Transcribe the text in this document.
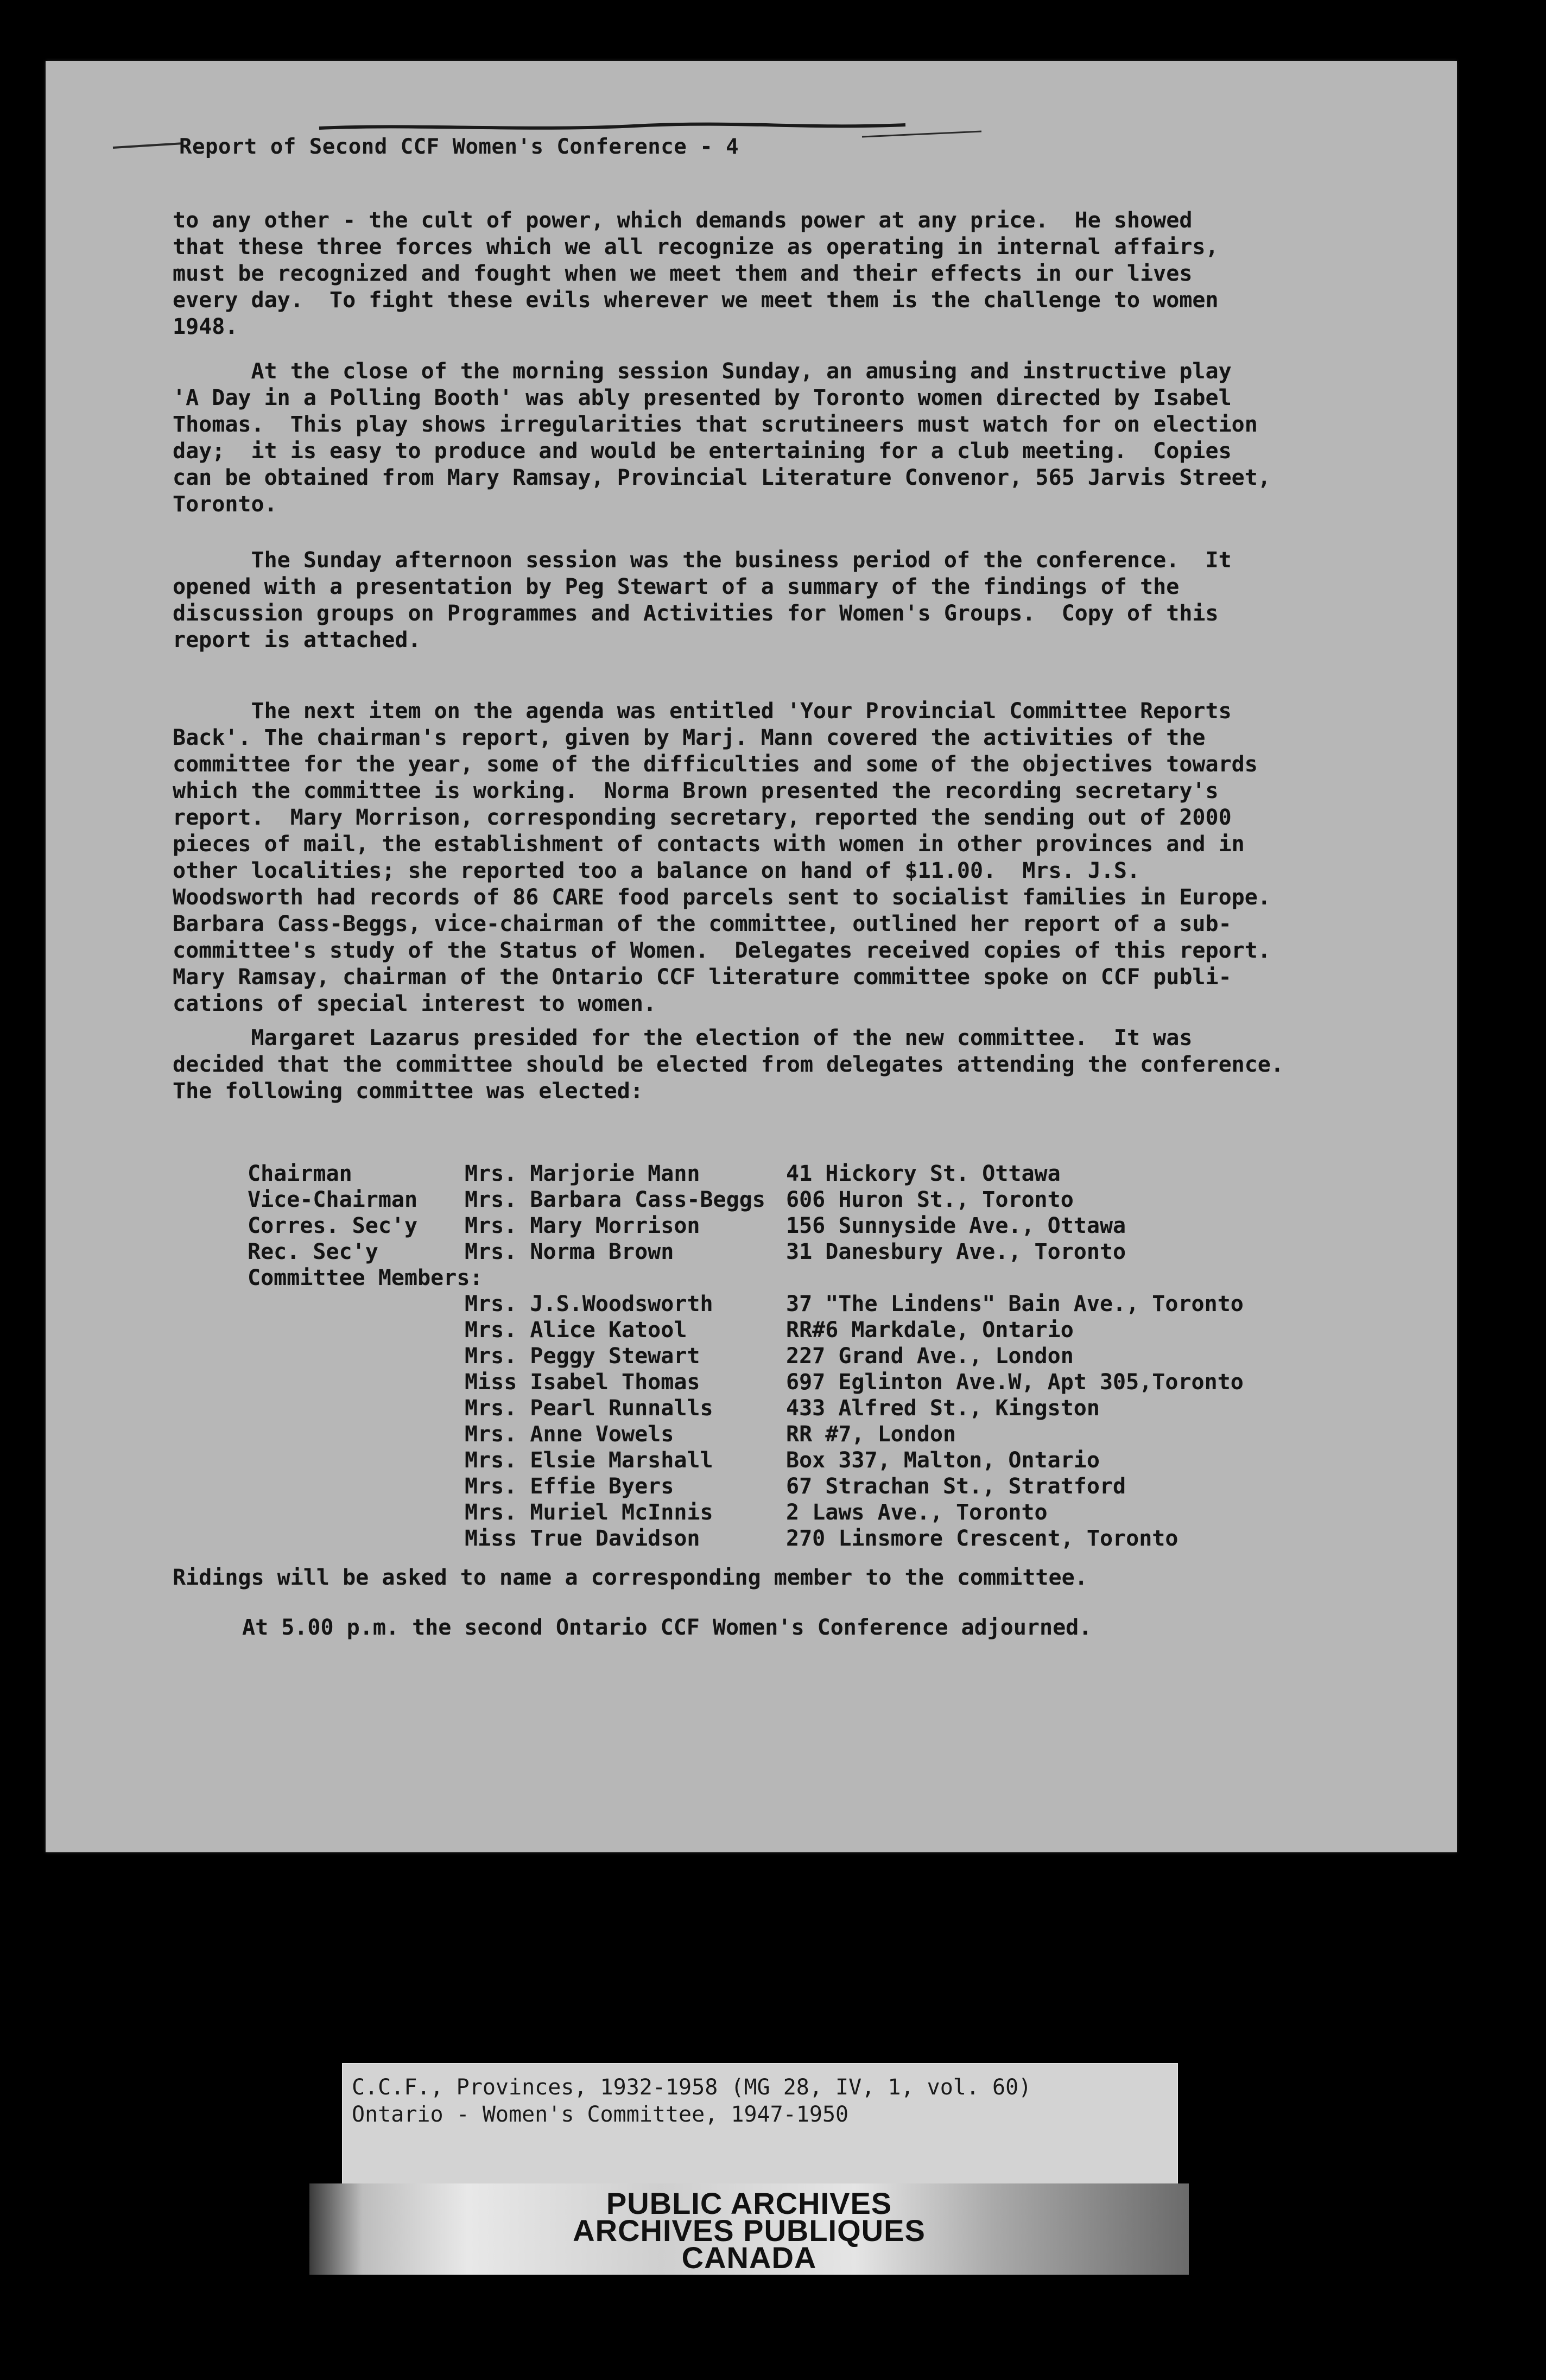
Report of Second CCF Women's Conference - 4
to any other - the cult of power, which demands power at any price.  He showed
that these three forces which we all recognize as operating in internal affairs,
must be recognized and fought when we meet them and their effects in our lives
every day.  To fight these evils wherever we meet them is the challenge to women
1948.
At the close of the morning session Sunday, an amusing and instructive play
'A Day in a Polling Booth' was ably presented by Toronto women directed by Isabel
Thomas.  This play shows irregularities that scrutineers must watch for on election
day;  it is easy to produce and would be entertaining for a club meeting.  Copies
can be obtained from Mary Ramsay, Provincial Literature Convenor, 565 Jarvis Street,
Toronto.
The Sunday afternoon session was the business period of the conference.  It
opened with a presentation by Peg Stewart of a summary of the findings of the
discussion groups on Programmes and Activities for Women's Groups.  Copy of this
report is attached.
The next item on the agenda was entitled 'Your Provincial Committee Reports
Back'. The chairman's report, given by Marj. Mann covered the activities of the
committee for the year, some of the difficulties and some of the objectives towards
which the committee is working.  Norma Brown presented the recording secretary's
report.  Mary Morrison, corresponding secretary, reported the sending out of 2000
pieces of mail, the establishment of contacts with women in other provinces and in
other localities; she reported too a balance on hand of $11.00.  Mrs. J.S.
Woodsworth had records of 86 CARE food parcels sent to socialist families in Europe.
Barbara Cass-Beggs, vice-chairman of the committee, outlined her report of a sub-
committee's study of the Status of Women.  Delegates received copies of this report.
Mary Ramsay, chairman of the Ontario CCF literature committee spoke on CCF publi-
cations of special interest to women.
Margaret Lazarus presided for the election of the new committee.  It was
decided that the committee should be elected from delegates attending the conference.
The following committee was elected:
Chairman	Mrs. Marjorie Mann	41 Hickory St. Ottawa
Vice-Chairman	Mrs. Barbara Cass-Beggs	606 Huron St., Toronto
Corres. Sec'y	Mrs. Mary Morrison	156 Sunnyside Ave., Ottawa
Rec. Sec'y	Mrs. Norma Brown	31 Danesbury Ave., Toronto
Committee Members:		
	Mrs. J.S.Woodsworth	37 "The Lindens" Bain Ave., Toronto
	Mrs. Alice Katool	RR#6 Markdale, Ontario
	Mrs. Peggy Stewart	227 Grand Ave., London
	Miss Isabel Thomas	697 Eglinton Ave.W, Apt 305,Toronto
	Mrs. Pearl Runnalls	433 Alfred St., Kingston
	Mrs. Anne Vowels	RR #7, London
	Mrs. Elsie Marshall	Box 337, Malton, Ontario
	Mrs. Effie Byers	67 Strachan St., Stratford
	Mrs. Muriel McInnis	2 Laws Ave., Toronto
	Miss True Davidson	270 Linsmore Crescent, Toronto
Ridings will be asked to name a corresponding member to the committee.
At 5.00 p.m. the second Ontario CCF Women's Conference adjourned.
C.C.F., Provinces, 1932-1958 (MG 28, IV, 1, vol. 60)
Ontario - Women's Committee, 1947-1950
PUBLIC ARCHIVES
ARCHIVES PUBLIQUES
CANADA
